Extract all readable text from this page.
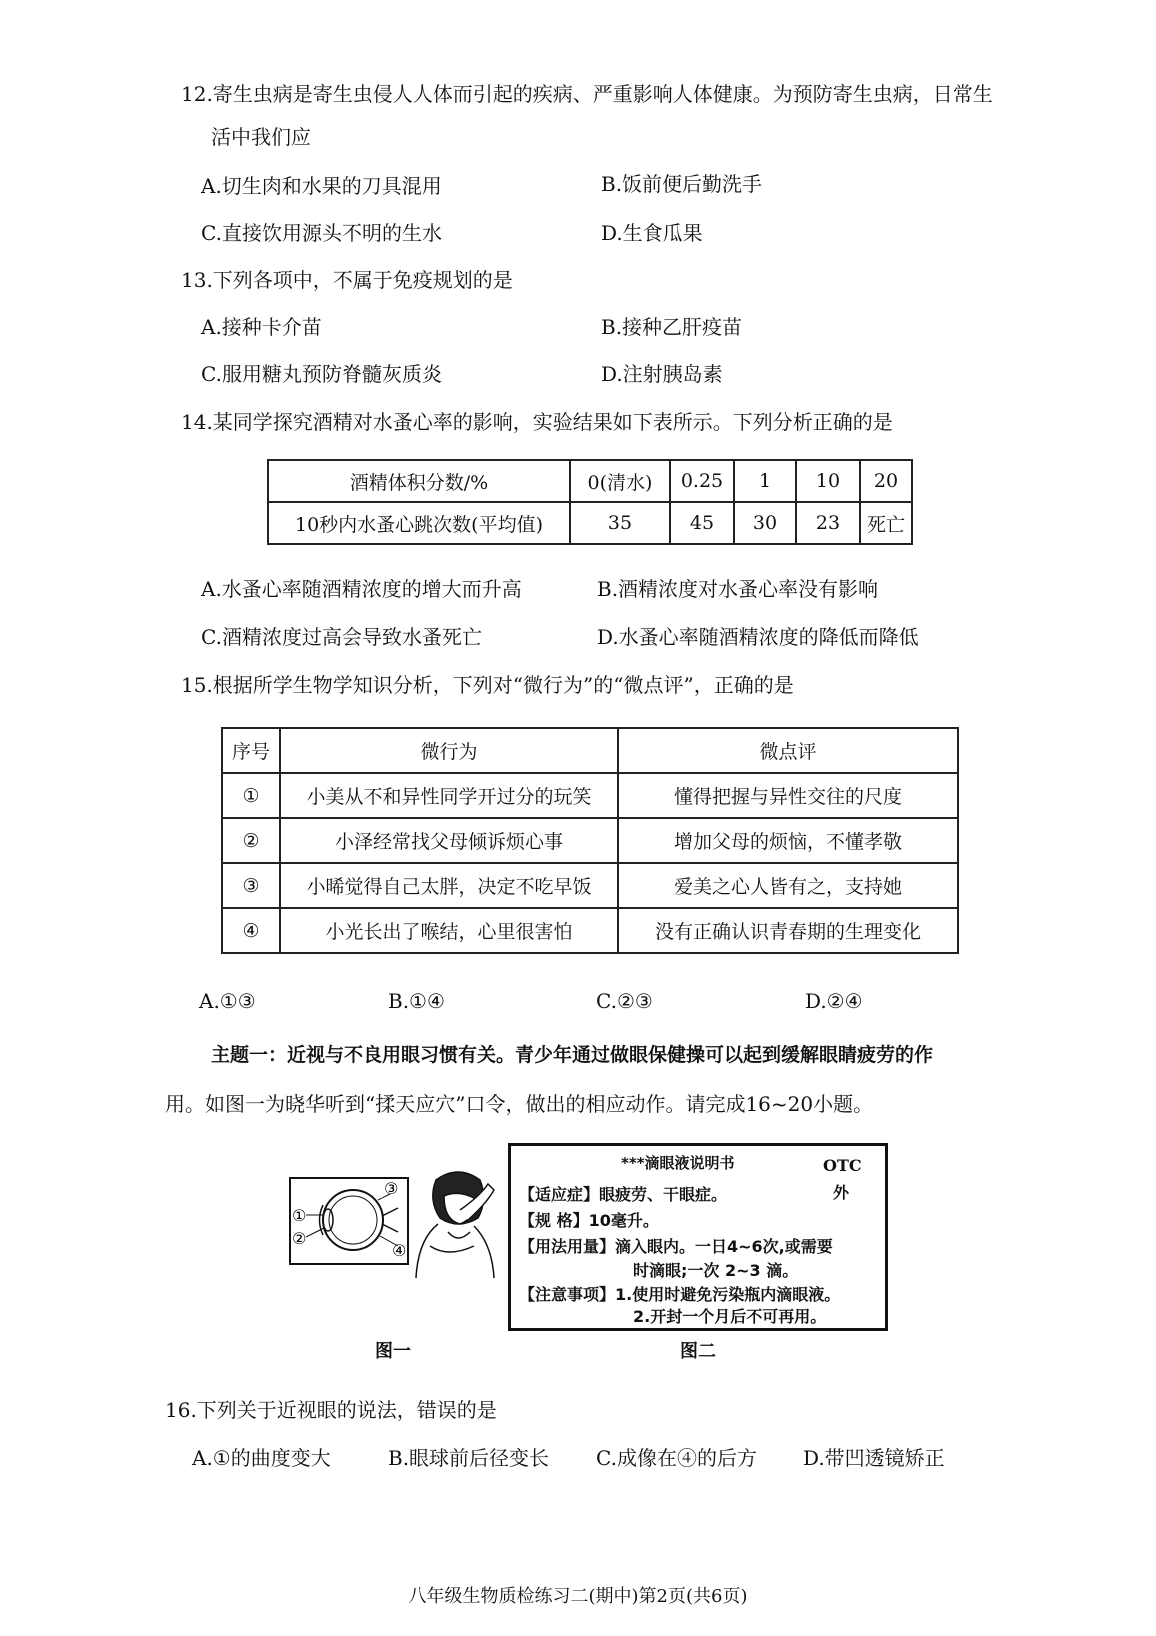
12.寄生虫病是寄生虫侵人人体而引起的疾病、严重影响人体健康。为预防寄生虫病，日常生
活中我们应
A.切生肉和水果的刀具混用	B.饭前便后勤洗手
C.直接饮用源头不明的生水	D.生食瓜果
13.下列各项中，不属于免疫规划的是
A.接种卡介苗	B.接种乙肝疫苗
C.服用糖丸预防脊髓灰质炎	D.注射胰岛素
14.某同学探究酒精对水蚤心率的影响，实验结果如下表所示。下列分析正确的是
酒精体积分数/%	0(清水)	0.25	1	10	20
10秒内水蚤心跳次数(平均值)	35	45	30	23	死亡
A.水蚤心率随酒精浓度的增大而升高	B.酒精浓度对水蚤心率没有影响
C.酒精浓度过高会导致水蚤死亡	D.水蚤心率随酒精浓度的降低而降低
15.根据所学生物学知识分析，下列对“微行为”的“微点评”，正确的是
序号	微行为	微点评
①	小美从不和异性同学开过分的玩笑	懂得把握与异性交往的尺度
②	小泽经常找父母倾诉烦心事	增加父母的烦恼，不懂孝敬
③	小晞觉得自己太胖，决定不吃早饭	爱美之心人皆有之，支持她
④	小光长出了喉结，心里很害怕	没有正确认识青春期的生理变化
A.①③	B.①④	C.②③	D.②④
主题一：近视与不良用眼习惯有关。青少年通过做眼保健操可以起到缓解眼睛疲劳的作
用。如图一为晓华听到“揉天应穴”口令，做出的相应动作。请完成16~20小题。
①
②
③
④
图一
***滴眼液说明书	OTC
外
【适应症】眼疲劳、干眼症。
【规 格】10毫升。
【用法用量】滴入眼内。一日4~6次,或需要
时滴眼;一次 2~3 滴。
【注意事项】1.使用时避免污染瓶内滴眼液。
2.开封一个月后不可再用。
图二
16.下列关于近视眼的说法，错误的是
A.①的曲度变大	B.眼球前后径变长 C.成像在④的后方 D.带凹透镜矫正
八年级生物质检练习二(期中)第2页(共6页)
